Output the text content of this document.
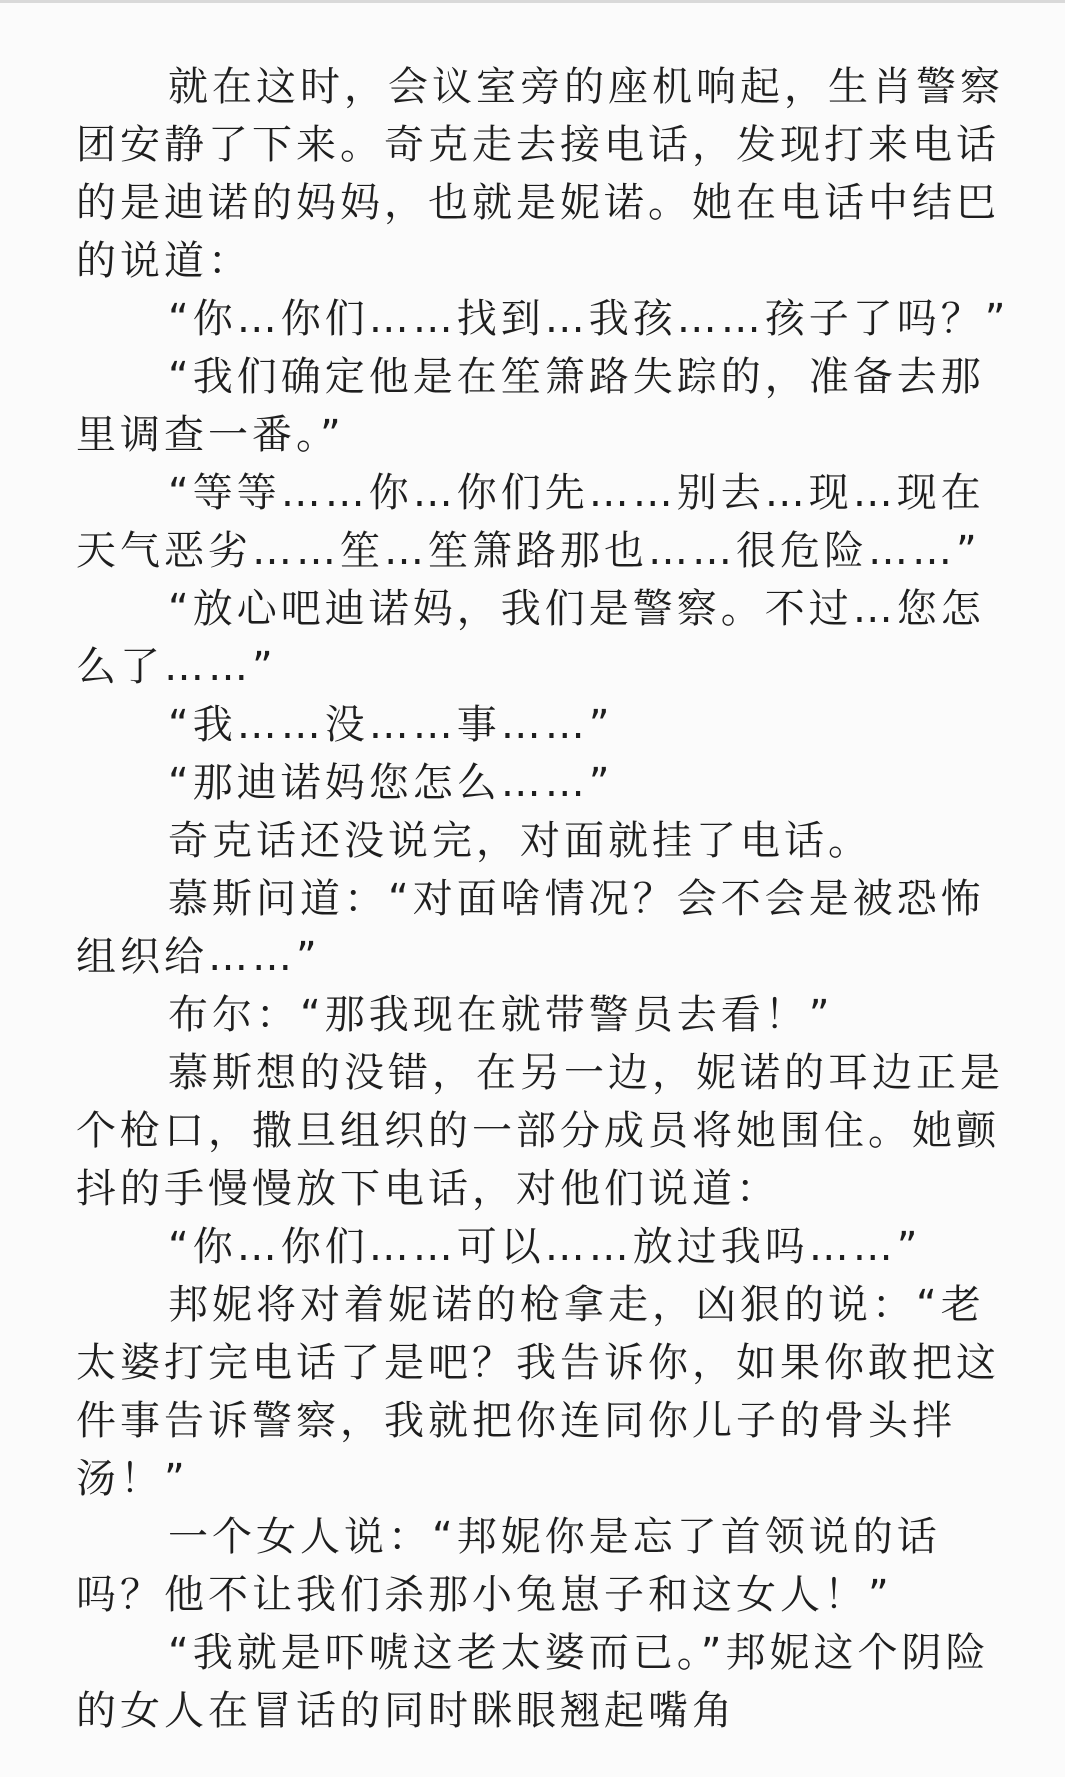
就在这时，会议室旁的座机响起，生肖警察团安静了下来。奇克走去接电话，发现打来电话的是迪诺的妈妈，也就是妮诺。她在电话中结巴的说道：

“你…你们……找到…我孩……孩子了吗？”

“我们确定他是在笙箫路失踪的，准备去那里调查一番。”

“等等……你…你们先……别去…现…现在天气恶劣……笙…笙箫路那也……很危险……”

“放心吧迪诺妈，我们是警察。不过…您怎么了……”

“我……没……事……”

“那迪诺妈您怎么……”

奇克话还没说完，对面就挂了电话。

慕斯问道：“对面啥情况？会不会是被恐怖组织给……”

布尔：“那我现在就带警员去看！”

慕斯想的没错，在另一边，妮诺的耳边正是个枪口，撒旦组织的一部分成员将她围住。她颤抖的手慢慢放下电话，对他们说道：

“你…你们……可以……放过我吗……”

邦妮将对着妮诺的枪拿走，凶狠的说：“老太婆打完电话了是吧？我告诉你，如果你敢把这件事告诉警察，我就把你连同你儿子的骨头拌汤！”

一个女人说：“邦妮你是忘了首领说的话吗？他不让我们杀那小兔崽子和这女人！”

“我就是吓唬这老太婆而已。”邦妮这个阴险的女人在冒话的同时眯眼翘起嘴角
